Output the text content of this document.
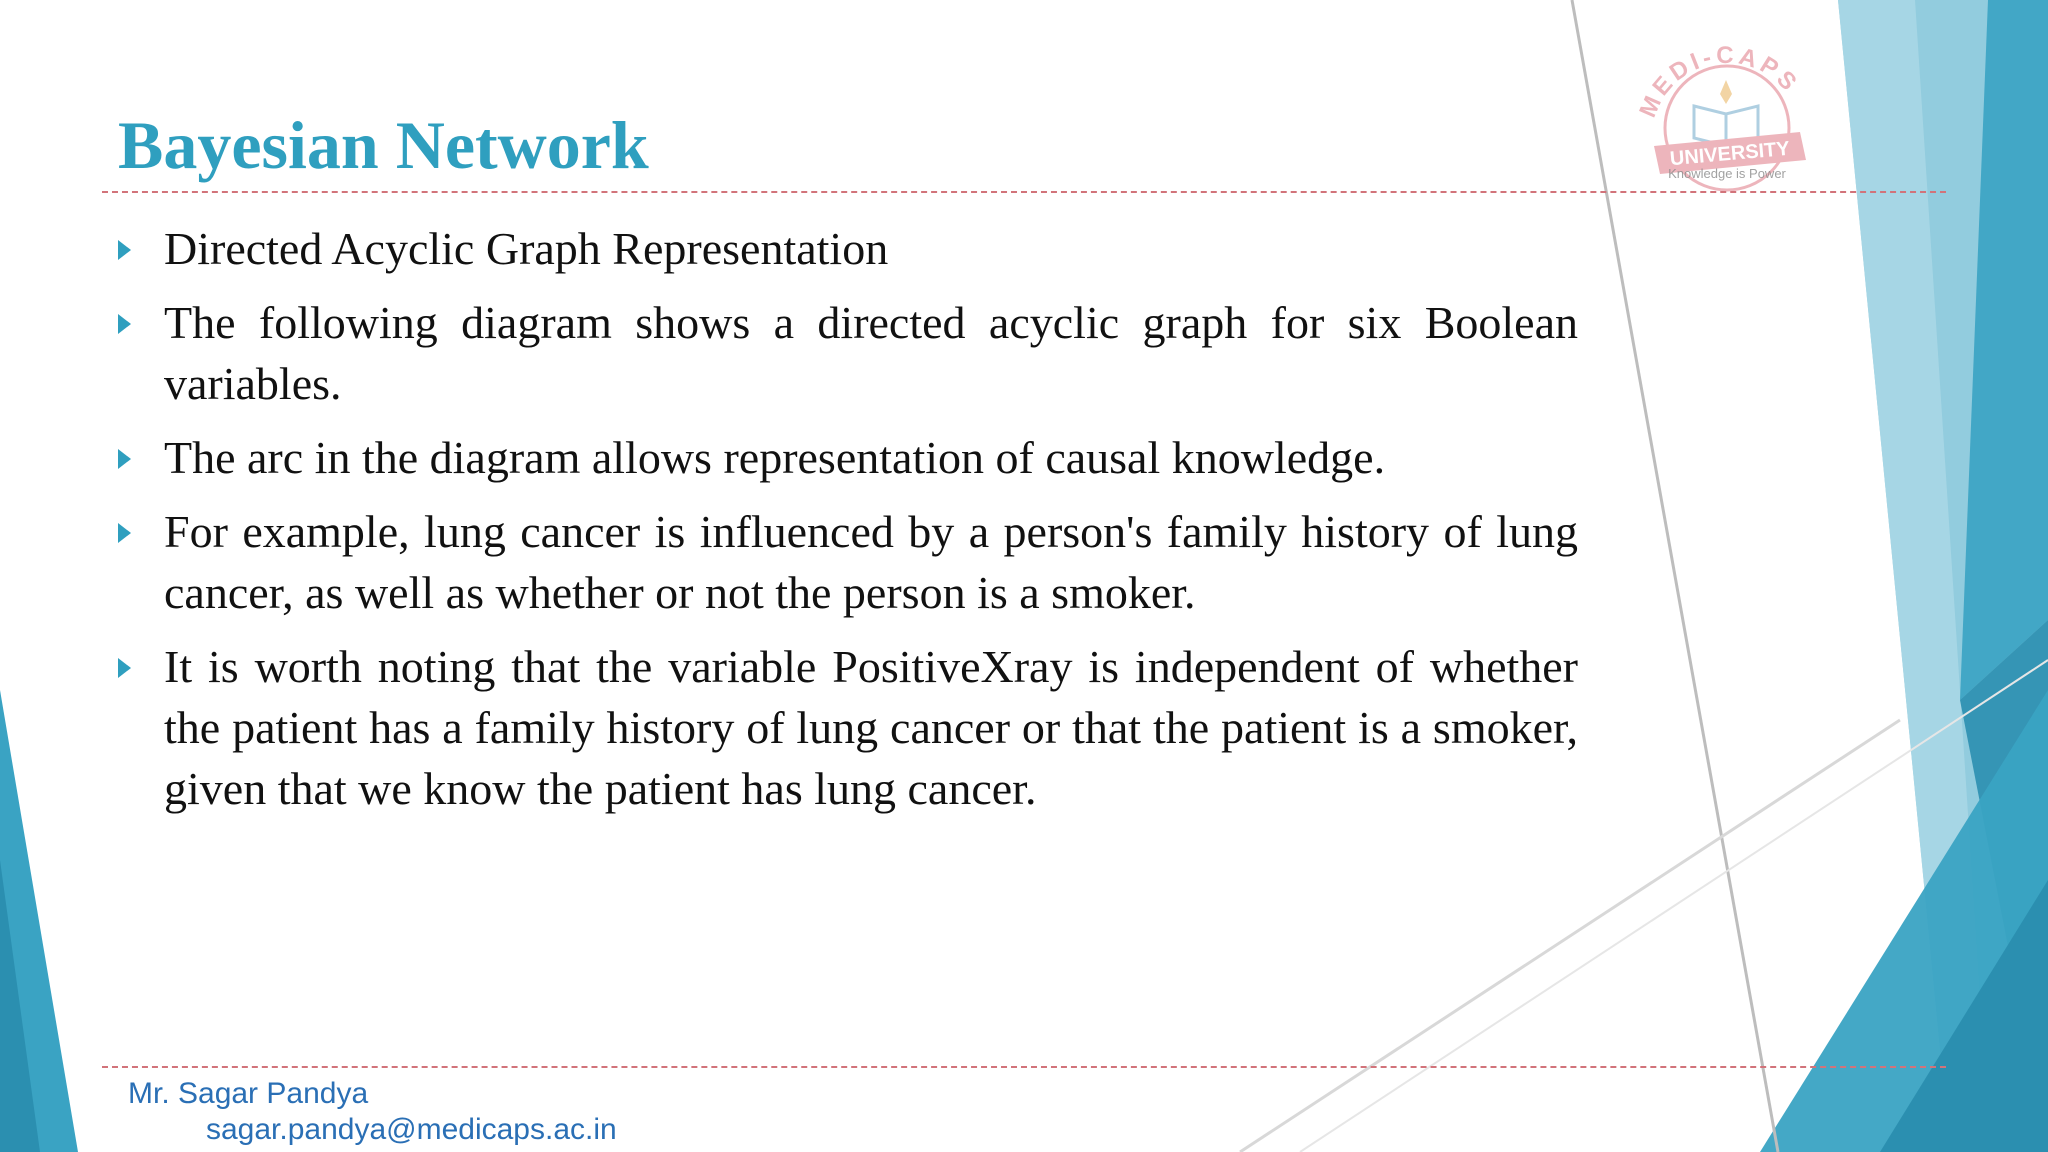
MEDI-CAPS
UNIVERSITY
Knowledge is Power
Bayesian Network
Directed Acyclic Graph Representation
The following diagram shows a directed acyclic graph for six Boolean variables.
The arc in the diagram allows representation of causal knowledge.
For example, lung cancer is influenced by a person's family history of lung cancer, as well as whether or not the person is a smoker.
It is worth noting that the variable PositiveXray is independent of whether the patient has a family history of lung cancer or that the patient is a smoker, given that we know the patient has lung cancer.
Mr. Sagar Pandya
sagar.pandya@medicaps.ac.in
